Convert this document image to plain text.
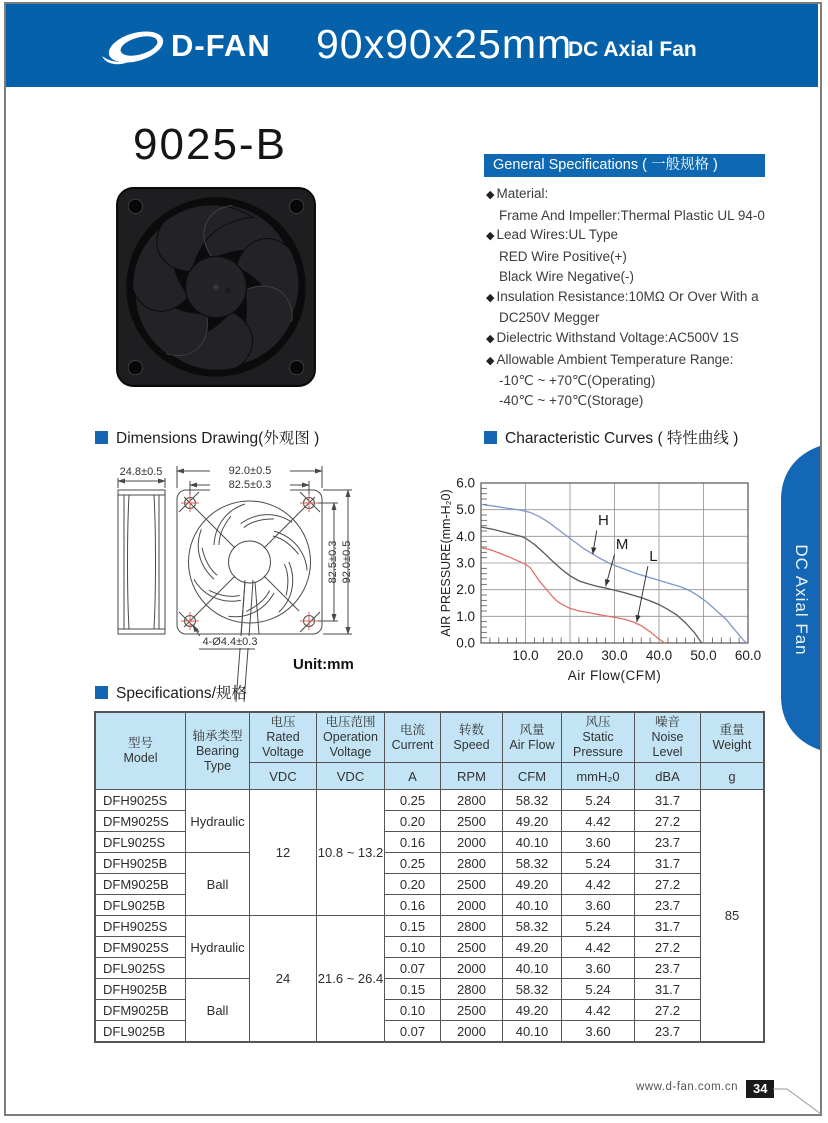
D-FAN 90x90x25mm
DC Axial Fan
9025-B	General Specifications ( 一般规格 )
◆ Material:
Frame And Impeller:Thermal Plastic UL 94-0
◆ Lead Wires:UL Type
RED Wire Positive(+)
Black Wire Negative(-)
◆ Insulation Resistance:10MΩ Or Over With a
DC250V Megger
◆ Dielectric Withstand Voltage:AC500V 1S
◆ Allowable Ambient Temperature Range:
-10℃ ~ +70℃(Operating)
-40℃ ~ +70℃(Storage)
Dimensions Drawing(外观图 )
24.8±0.5	92.0±0.5
82.5±0.3
82.5±0.3 92.0±0.5
4-Ø4.4±0.3
Unit:mm
Characteristic Curves ( 特性曲线 )
0.0
1.0
2.0
3.0
4.0
5.0
6.0
10.0 20.0 30.0 40.0 50.0 60.0
Air Flow(CFM)
AIR PRESSURE(mm-H₂0)	H
M
L	DC Axial Fan
Specifications/规格
型号
Model

轴承类型
Bearing Type

电压
Rated Voltage

电压范围
Operation Voltage

电流
Current

转数
Speed

风量
Air Flow

风压
Static Pressure

噪音
Noise Level

重量
Weight

		VDC	VDC	A	RPM	CFM	mmH₂0	dBA	g
DFH9025S	Hydraulic	12	10.8 ~ 13.2	0.25	2800	58.32	5.24	31.7	85
DFM9025S				0.20	2500	49.20	4.42	27.2	
DFL9025S				0.16	2000	40.10	3.60	23.7	
DFH9025B	Ball			0.25	2800	58.32	5.24	31.7	
DFM9025B				0.20	2500	49.20	4.42	27.2	
DFL9025B				0.16	2000	40.10	3.60	23.7	
DFH9025S	Hydraulic	24	21.6 ~ 26.4	0.15	2800	58.32	5.24	31.7	
DFM9025S				0.10	2500	49.20	4.42	27.2	
DFL9025S				0.07	2000	40.10	3.60	23.7	
DFH9025B	Ball			0.15	2800	58.32	5.24	31.7	
DFM9025B				0.10	2500	49.20	4.42	27.2	
DFL9025B				0.07	2000	40.10	3.60	23.7	
www.d-fan.com.cn	34
